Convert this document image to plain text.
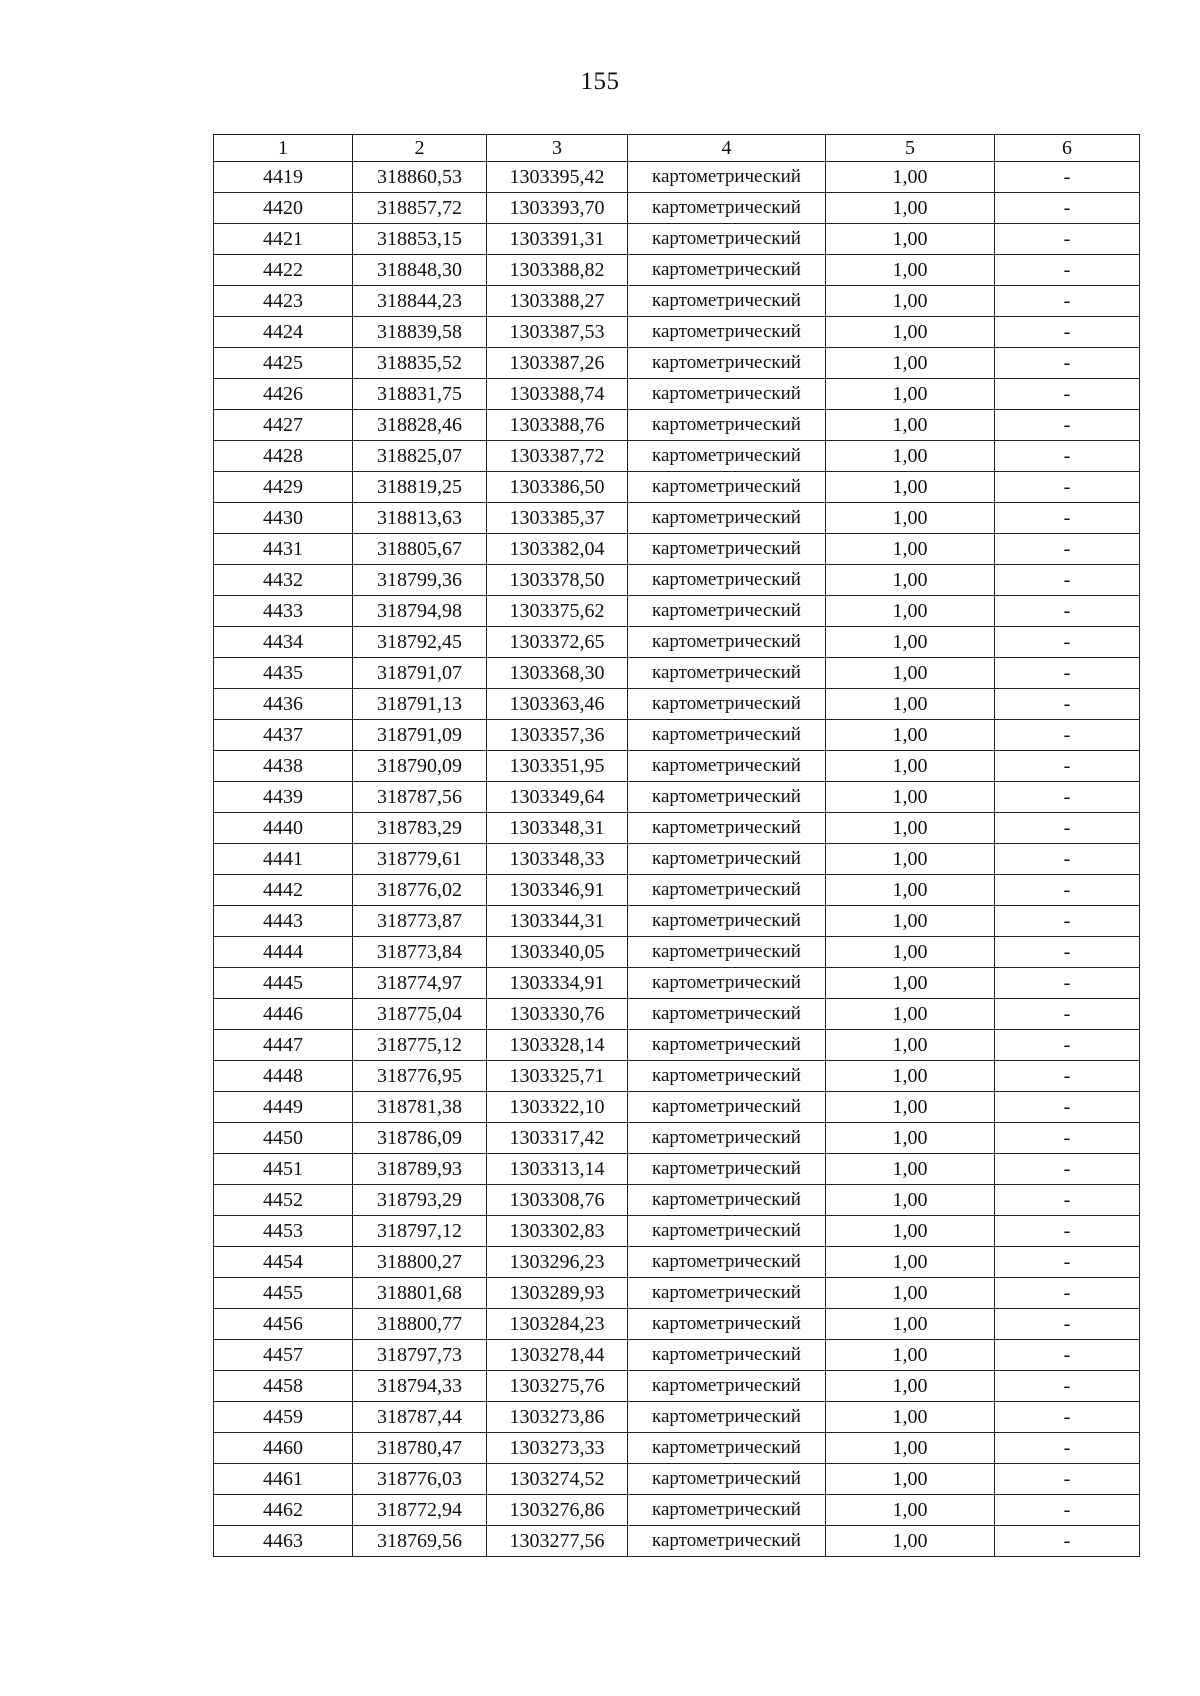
155
1	2	3	4	5	6
4419	318860,53	1303395,42	картометрический	1,00	-
4420	318857,72	1303393,70	картометрический	1,00	-
4421	318853,15	1303391,31	картометрический	1,00	-
4422	318848,30	1303388,82	картометрический	1,00	-
4423	318844,23	1303388,27	картометрический	1,00	-
4424	318839,58	1303387,53	картометрический	1,00	-
4425	318835,52	1303387,26	картометрический	1,00	-
4426	318831,75	1303388,74	картометрический	1,00	-
4427	318828,46	1303388,76	картометрический	1,00	-
4428	318825,07	1303387,72	картометрический	1,00	-
4429	318819,25	1303386,50	картометрический	1,00	-
4430	318813,63	1303385,37	картометрический	1,00	-
4431	318805,67	1303382,04	картометрический	1,00	-
4432	318799,36	1303378,50	картометрический	1,00	-
4433	318794,98	1303375,62	картометрический	1,00	-
4434	318792,45	1303372,65	картометрический	1,00	-
4435	318791,07	1303368,30	картометрический	1,00	-
4436	318791,13	1303363,46	картометрический	1,00	-
4437	318791,09	1303357,36	картометрический	1,00	-
4438	318790,09	1303351,95	картометрический	1,00	-
4439	318787,56	1303349,64	картометрический	1,00	-
4440	318783,29	1303348,31	картометрический	1,00	-
4441	318779,61	1303348,33	картометрический	1,00	-
4442	318776,02	1303346,91	картометрический	1,00	-
4443	318773,87	1303344,31	картометрический	1,00	-
4444	318773,84	1303340,05	картометрический	1,00	-
4445	318774,97	1303334,91	картометрический	1,00	-
4446	318775,04	1303330,76	картометрический	1,00	-
4447	318775,12	1303328,14	картометрический	1,00	-
4448	318776,95	1303325,71	картометрический	1,00	-
4449	318781,38	1303322,10	картометрический	1,00	-
4450	318786,09	1303317,42	картометрический	1,00	-
4451	318789,93	1303313,14	картометрический	1,00	-
4452	318793,29	1303308,76	картометрический	1,00	-
4453	318797,12	1303302,83	картометрический	1,00	-
4454	318800,27	1303296,23	картометрический	1,00	-
4455	318801,68	1303289,93	картометрический	1,00	-
4456	318800,77	1303284,23	картометрический	1,00	-
4457	318797,73	1303278,44	картометрический	1,00	-
4458	318794,33	1303275,76	картометрический	1,00	-
4459	318787,44	1303273,86	картометрический	1,00	-
4460	318780,47	1303273,33	картометрический	1,00	-
4461	318776,03	1303274,52	картометрический	1,00	-
4462	318772,94	1303276,86	картометрический	1,00	-
4463	318769,56	1303277,56	картометрический	1,00	-
